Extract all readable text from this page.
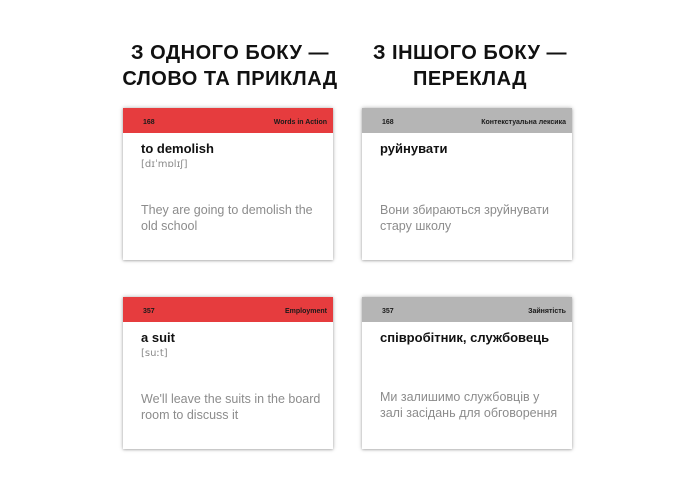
З ОДНОГО БОКУ —
СЛОВО ТА ПРИКЛАД
З ІНШОГО БОКУ —
ПЕРЕКЛАД
168	Words in Action
to demolish
[dɪˈmɒlɪʃ]
They are going to demolish the old school
168	Контекстуальна лексика
руйнувати
Вони збираються зруйнувати стару школу
357	Employment
a suit
[suːt]
We'll leave the suits in the board room to discuss it
357	Зайнятість
співробітник, службовець
Ми залишимо службовців у залі засідань для обговорення
